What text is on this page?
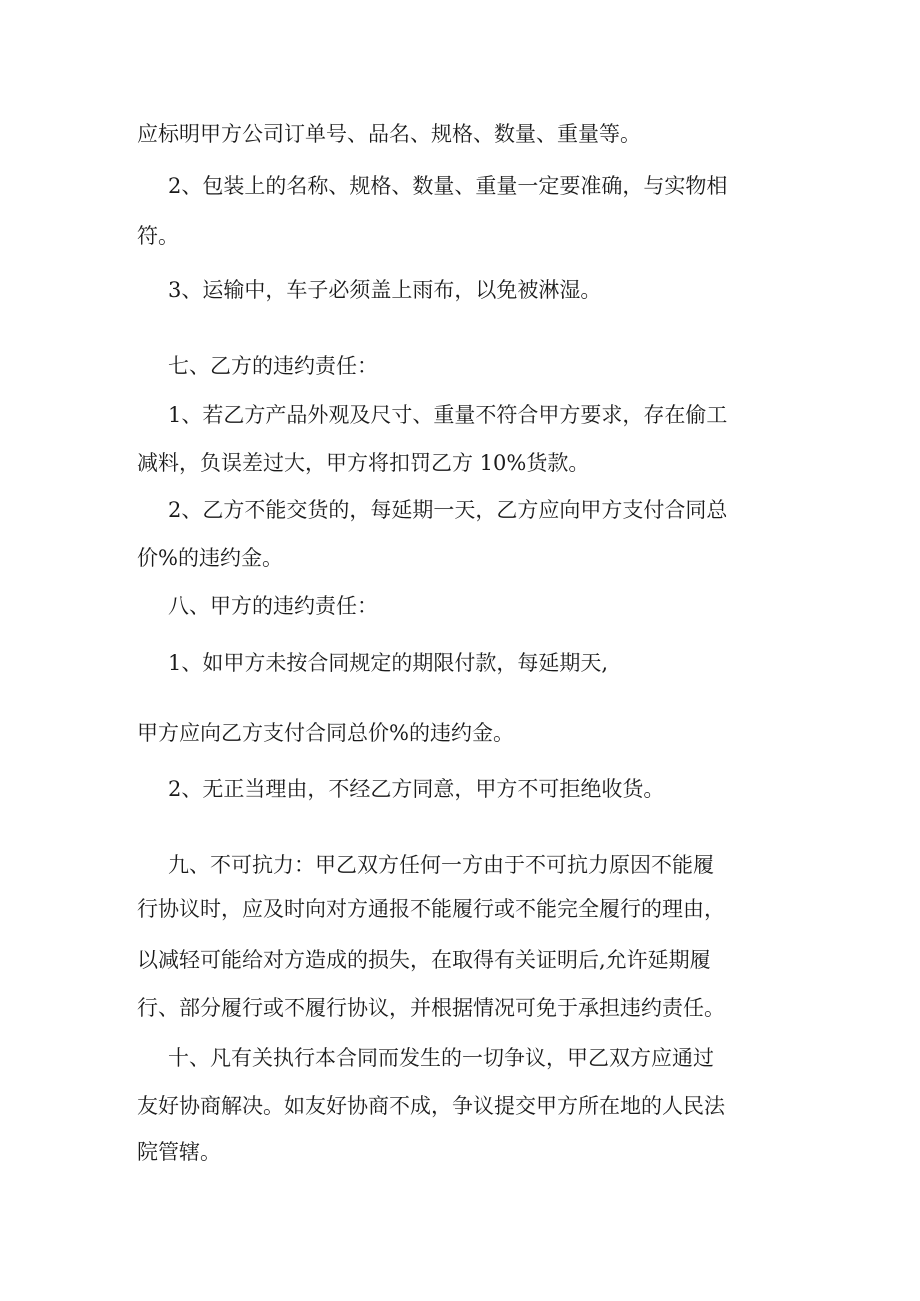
应标明甲方公司订单号、品名、规格、数量、重量等。

2、包装上的名称、规格、数量、重量一定要准确，与实物相

符。

3、运输中，车子必须盖上雨布，以免被淋湿。

七、乙方的违约责任：

1、若乙方产品外观及尺寸、重量不符合甲方要求，存在偷工

减料，负误差过大，甲方将扣罚乙方 10%货款。

2、乙方不能交货的，每延期一天，乙方应向甲方支付合同总

价%的违约金。

八、甲方的违约责任：

1、如甲方未按合同规定的期限付款，每延期天,

甲方应向乙方支付合同总价%的违约金。

2、无正当理由，不经乙方同意，甲方不可拒绝收货。

九、不可抗力：甲乙双方任何一方由于不可抗力原因不能履

行协议时，应及时向对方通报不能履行或不能完全履行的理由，

以减轻可能给对方造成的损失，在取得有关证明后,允许延期履

行、部分履行或不履行协议，并根据情况可免于承担违约责任。

十、凡有关执行本合同而发生的一切争议，甲乙双方应通过

友好协商解决。如友好协商不成，争议提交甲方所在地的人民法

院管辖。
